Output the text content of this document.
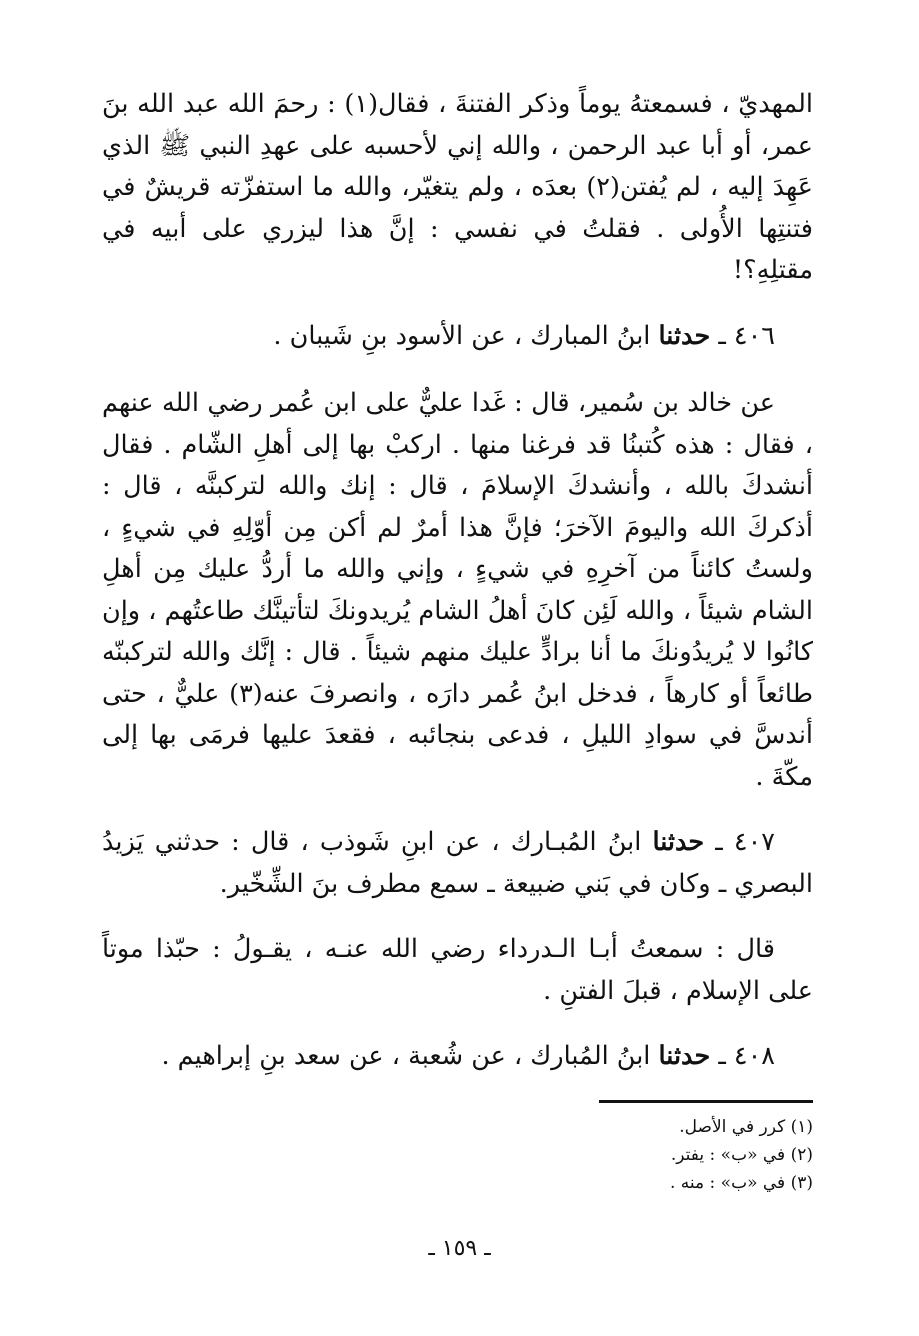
المهديّ ، فسمعتهُ يوماً وذكر الفتنةَ ، فقال(١) : رحمَ الله عبد الله بنَ عمر، أو أبا عبد الرحمن ، والله إني لأحسبه على عهدِ النبي ﷺ الذي عَهِدَ إليه ، لم يُفتن(٢) بعدَه ، ولم يتغيّر، والله ما استفزّته قريشٌ في فتنتِها الأُولى . فقلتُ في نفسي : إنَّ هذا ليزري على أبيه في مقتلِهِ؟!

٤٠٦ ـ حدثنا ابنُ المبارك ، عن الأسود بنِ شَيبان .

عن خالد بن سُمير، قال : غَدا عليٌّ على ابن عُمر رضي الله عنهم ، فقال : هذه كُتبنُا قد فرغنا منها . اركبْ بها إلى أهلِ الشّام . فقال أنشدكَ بالله ، وأنشدكَ الإسلامَ ، قال : إنك والله لتركبنَّه ، قال : أذكركَ الله واليومَ الآخرَ؛ فإنَّ هذا أمرٌ لم أكن مِن أوّلِهِ في شيءٍ ، ولستُ كائناً من آخرِهِ في شيءٍ ، وإني والله ما أردُّ عليك مِن أهلِ الشام شيئاً ، والله لَئِن كانَ أهلُ الشام يُريدونكَ لتأتينَّك طاعتُهم ، وإن كانُوا لا يُريدُونكَ ما أنا برادٍّ عليك منهم شيئاً . قال : إنَّك والله لتركبنّه طائعاً أو كارهاً ، فدخل ابنُ عُمر دارَه ، وانصرفَ عنه(٣) عليٌّ ، حتى أندسَّ في سوادِ الليلِ ، فدعى بنجائبه ، فقعدَ عليها فرمَى بها إلى مكّةَ .

٤٠٧ ـ حدثنا ابنُ المُبـارك ، عن ابنِ شَوذب ، قال : حدثني يَزيدُ البصري ـ وكان في بَني ضبيعة ـ سمع مطرف بنَ الشِّخّير.

قال : سمعتُ أبـا الـدرداء رضي الله عنـه ، يقـولُ : حبّذا موتاً على الإسلام ، قبلَ الفتنِ .

٤٠٨ ـ حدثنا ابنُ المُبارك ، عن شُعبة ، عن سعد بنِ إبراهيم .

(١) كرر في الأصل.

(٢) في «ب» : يفتر.

(٣) في «ب» : منه .

ـ ١٥٩ ـ
